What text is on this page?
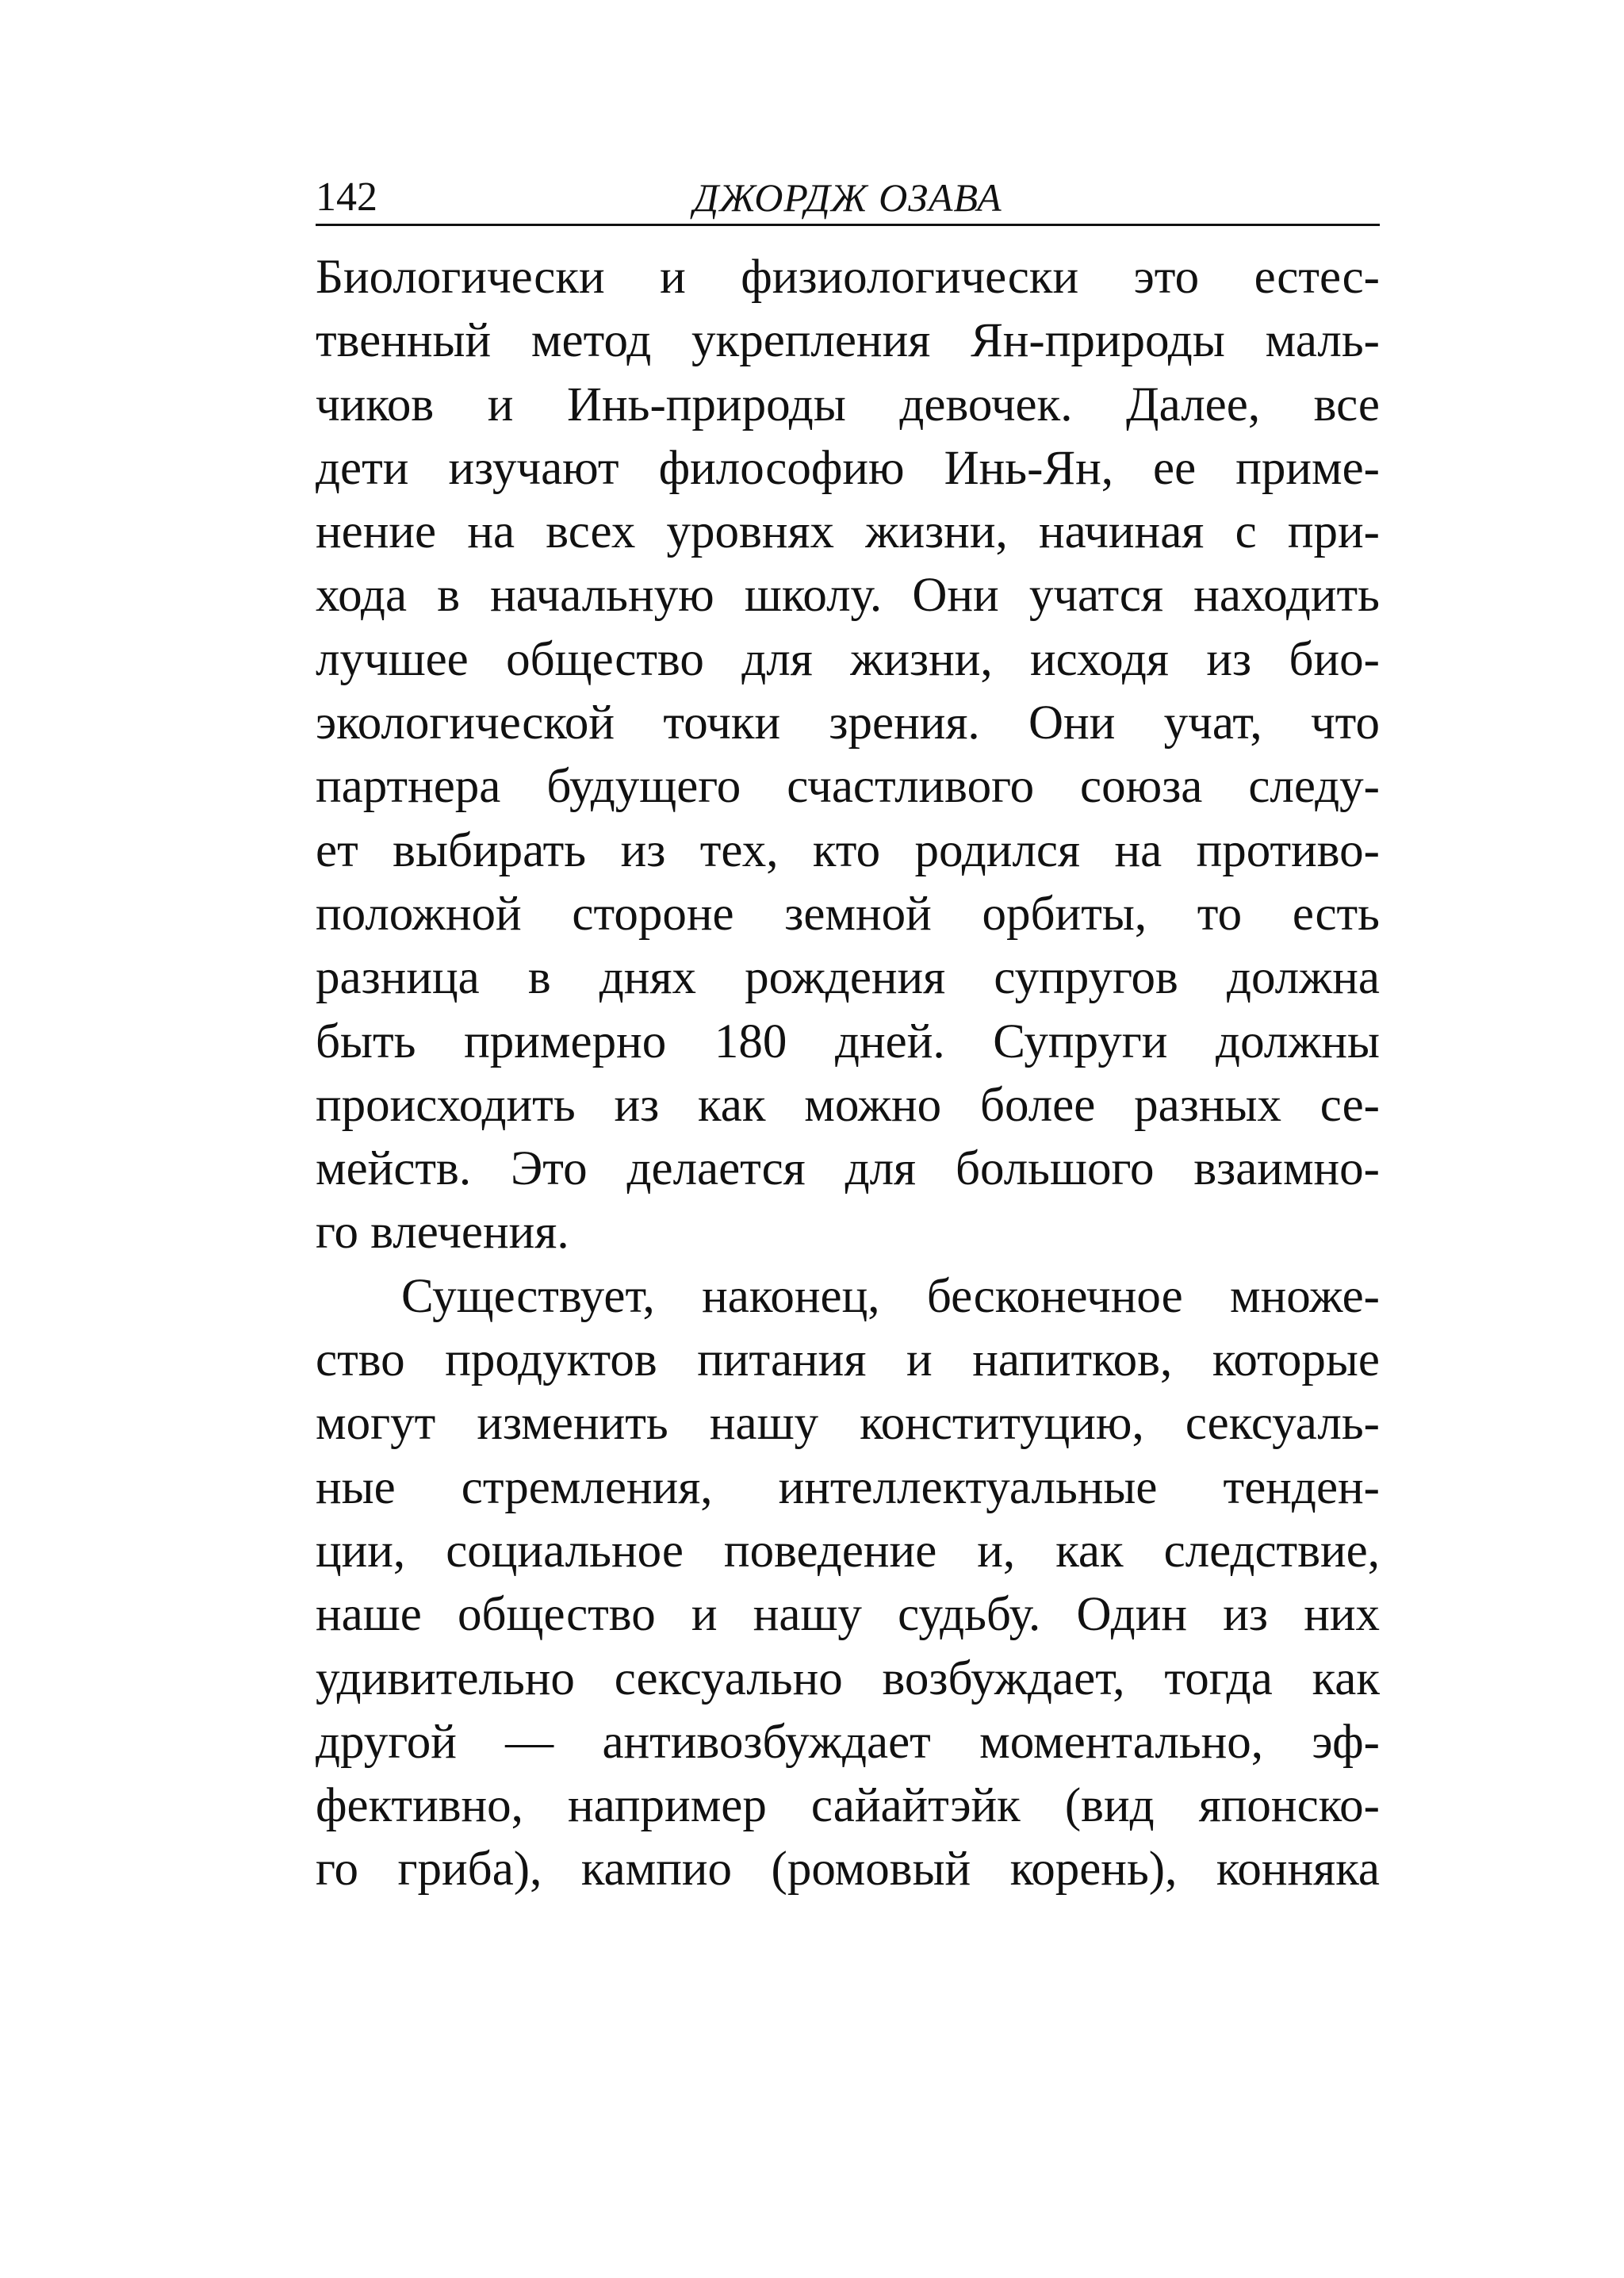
142	ДЖОРДЖ ОЗАВА
Биологически и физиологически это естес-
твенный метод укрепления Ян-природы маль-
чиков и Инь-природы девочек. Далее, все
дети изучают философию Инь-Ян, ее приме-
нение на всех уровнях жизни, начиная с при-
хода в начальную школу. Они учатся находить
лучшее общество для жизни, исходя из био-
экологической точки зрения. Они учат, что
партнера будущего счастливого союза следу-
ет выбирать из тех, кто родился на противо-
положной стороне земной орбиты, то есть
разница в днях рождения супругов должна
быть примерно 180 дней. Супруги должны
происходить из как можно более разных се-
мейств. Это делается для большого взаимно-
го влечения.
Существует, наконец, бесконечное множе-
ство продуктов питания и напитков, которые
могут изменить нашу конституцию, сексуаль-
ные стремления, интеллектуальные тенден-
ции, социальное поведение и, как следствие,
наше общество и нашу судьбу. Один из них
удивительно сексуально возбуждает, тогда как
другой — антивозбуждает моментально, эф-
фективно, например сайайтэйк (вид японско-
го гриба), кампио (ромовый корень), конняка
